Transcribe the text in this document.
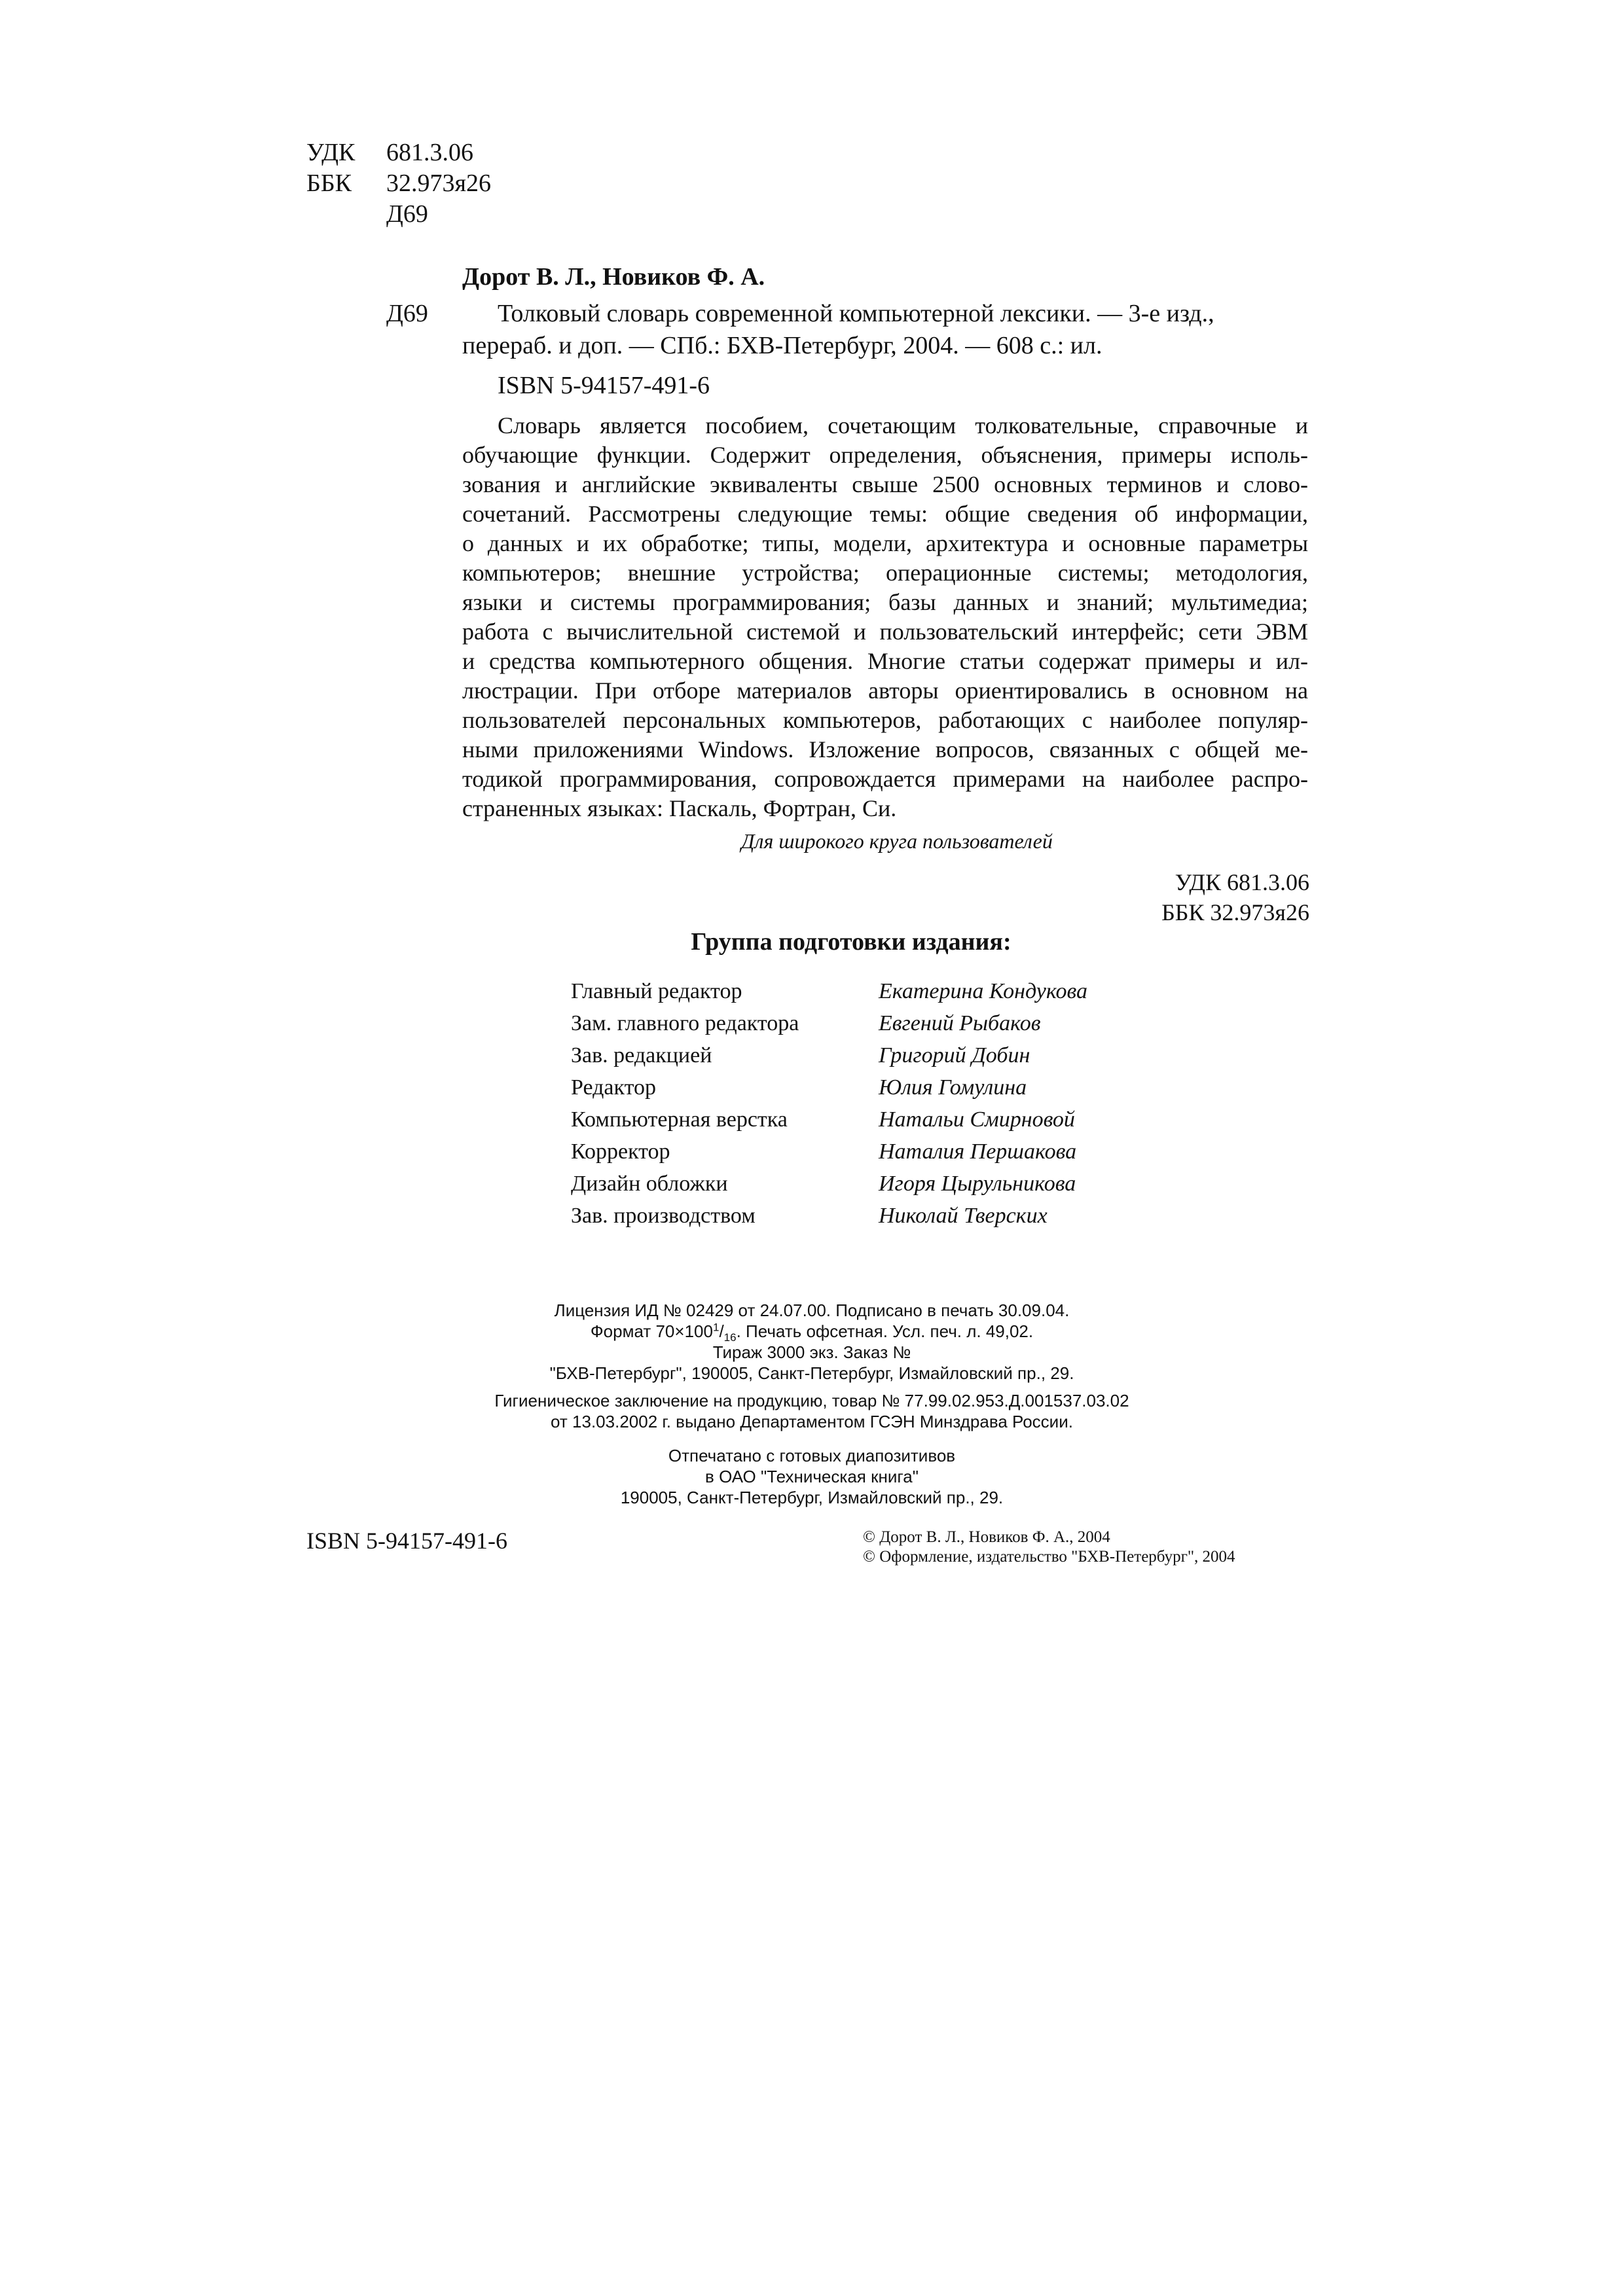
УДК 681.3.06
ББК 32.973я26
Д69
Дорот В. Л., Новиков Ф. А.
Д69	Толковый словарь современной компьютерной лексики. — 3-е изд.,
перераб. и доп. — СПб.: БХВ-Петербург, 2004. — 608 с.: ил.
ISBN 5-94157-491-6
Словарь является пособием, сочетающим толковательные, справочные и
обучающие функции. Содержит определения, объяснения, примеры исполь-
зования и английские эквиваленты свыше 2500 основных терминов и слово-
сочетаний. Рассмотрены следующие темы: общие сведения об информации,
о данных и их обработке; типы, модели, архитектура и основные параметры
компьютеров; внешние устройства; операционные системы; методология,
языки и системы программирования; базы данных и знаний; мультимедиа;
работа с вычислительной системой и пользовательский интерфейс; сети ЭВМ
и средства компьютерного общения. Многие статьи содержат примеры и ил-
люстрации. При отборе материалов авторы ориентировались в основном на
пользователей персональных компьютеров, работающих с наиболее популяр-
ными приложениями Windows. Изложение вопросов, связанных с общей ме-
тодикой программирования, сопровождается примерами на наиболее распро-
страненных языках: Паскаль, Фортран, Си.
Для широкого круга пользователей
УДК 681.3.06
ББК 32.973я26
Группа подготовки издания:
Главный редактор	Екатерина Кондукова
Зам. главного редактора	Евгений Рыбаков
Зав. редакцией	Григорий Добин
Редактор	Юлия Гомулина
Компьютерная верстка	Натальи Смирновой
Корректор	Наталия Першакова
Дизайн обложки	Игоря Цырульникова
Зав. производством	Николай Тверских
Лицензия ИД № 02429 от 24.07.00. Подписано в печать 30.09.04.
Формат $70\times 100^1/_{16}$. Печать офсетная. Усл. печ. л. 49,02.
Тираж 3000 экз. Заказ №
"БХВ-Петербург", 190005, Санкт-Петербург, Измайловский пр., 29.
Гигиеническое заключение на продукцию, товар № 77.99.02.953.Д.001537.03.02
от 13.03.2002 г. выдано Департаментом ГСЭН Минздрава России.
Отпечатано с готовых диапозитивов
в ОАО "Техническая книга"
190005, Санкт-Петербург, Измайловский пр., 29.
ISBN 5-94157-491-6	© Дорот В. Л., Новиков Ф. А., 2004
© Оформление, издательство "БХВ-Петербург", 2004
